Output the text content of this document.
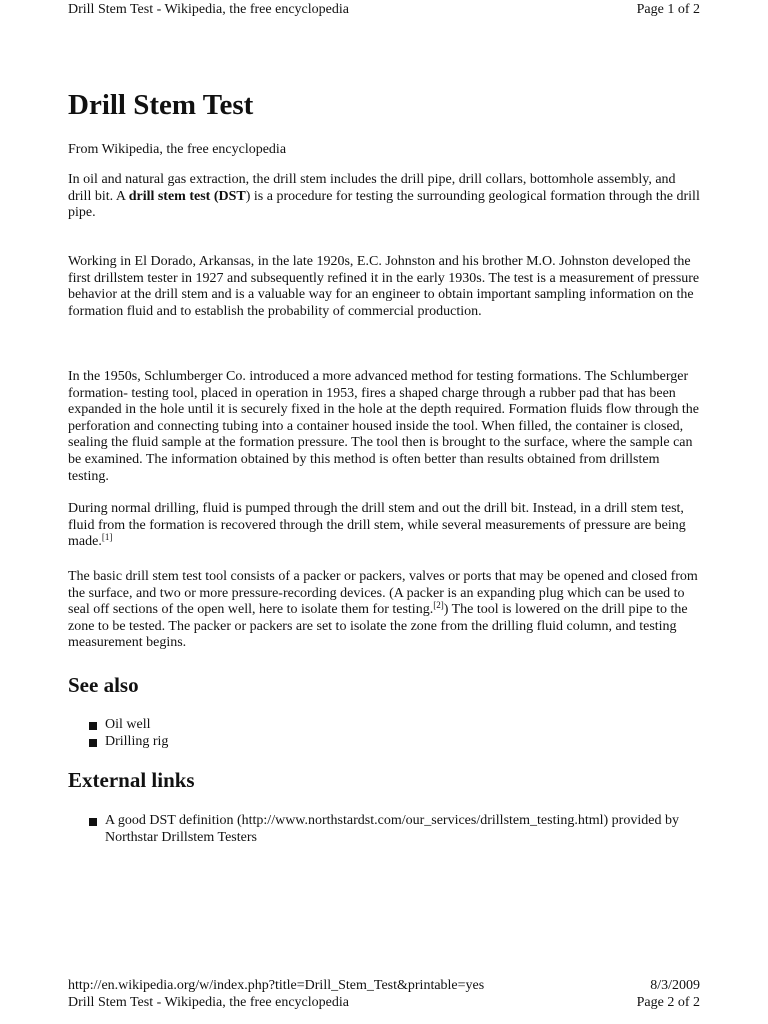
Drill Stem Test - Wikipedia, the free encyclopedia	Page 1 of 2
Drill Stem Test

From Wikipedia, the free encyclopedia

In oil and natural gas extraction, the drill stem includes the drill pipe, drill collars, bottomhole assembly, and drill bit. A drill stem test (DST) is a procedure for testing the surrounding geological formation through the drill pipe.

Working in El Dorado, Arkansas, in the late 1920s, E.C. Johnston and his brother M.O. Johnston developed the first drillstem tester in 1927 and subsequently refined it in the early 1930s. The test is a measurement of pressure behavior at the drill stem and is a valuable way for an engineer to obtain important sampling information on the formation fluid and to establish the probability of commercial production.

In the 1950s, Schlumberger Co. introduced a more advanced method for testing formations. The Schlumberger formation- testing tool, placed in operation in 1953, fires a shaped charge through a rubber pad that has been expanded in the hole until it is securely fixed in the hole at the depth required. Formation fluids flow through the perforation and connecting tubing into a container housed inside the tool. When filled, the container is closed, sealing the fluid sample at the formation pressure. The tool then is brought to the surface, where the sample can be examined. The information obtained by this method is often better than results obtained from drillstem testing.

During normal drilling, fluid is pumped through the drill stem and out the drill bit. Instead, in a drill stem test, fluid from the formation is recovered through the drill stem, while several measurements of pressure are being made.[1]

The basic drill stem test tool consists of a packer or packers, valves or ports that may be opened and closed from the surface, and two or more pressure-recording devices. (A packer is an expanding plug which can be used to seal off sections of the open well, here to isolate them for testing.[2]) The tool is lowered on the drill pipe to the zone to be tested. The packer or packers are set to isolate the zone from the drilling fluid column, and testing measurement begins.

See also
Oil well
Drilling rig
External links
A good DST definition (http://www.northstardst.com/our_services/drillstem_testing.html) provided by Northstar Drillstem Testers
http://en.wikipedia.org/w/index.php?title=Drill_Stem_Test&printable=yes	8/3/2009
Drill Stem Test - Wikipedia, the free encyclopedia	Page 2 of 2
